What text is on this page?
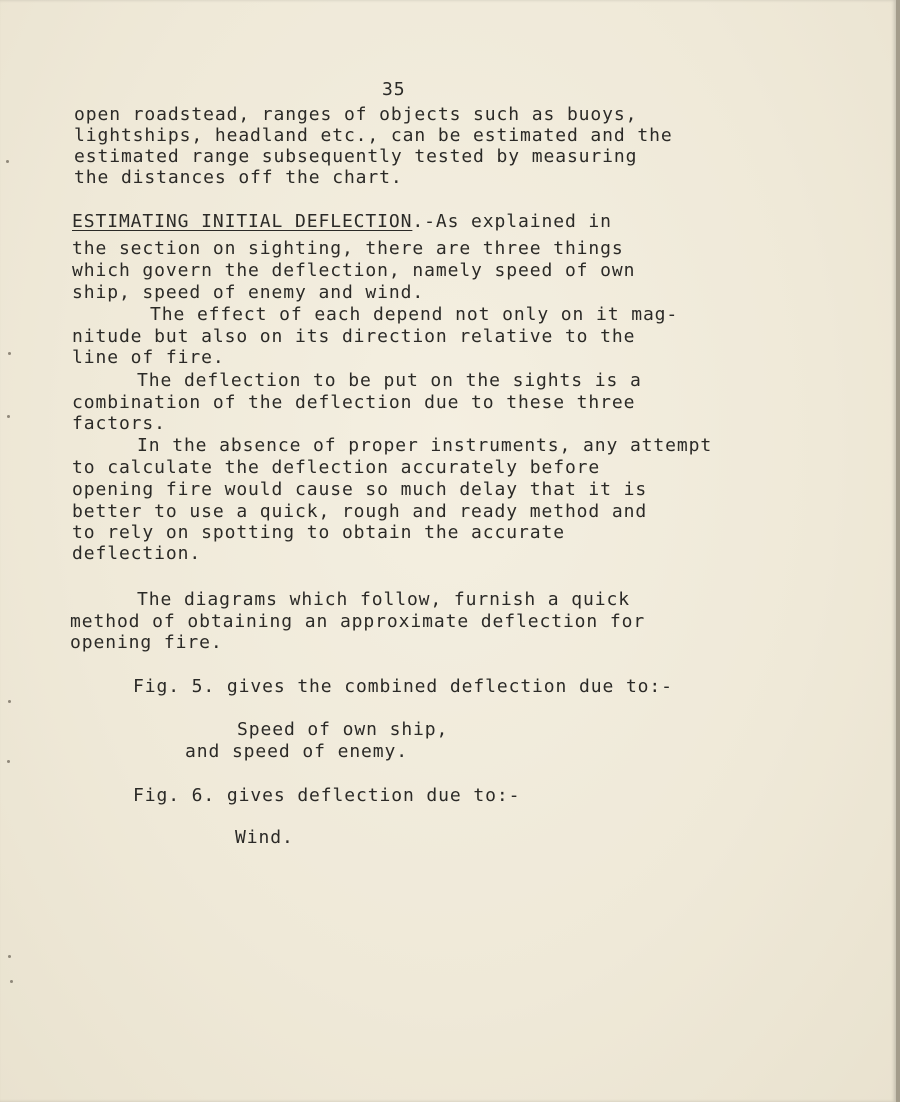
35
open roadstead, ranges of objects such as buoys,
lightships, headland etc., can be estimated and the
estimated range subsequently tested by measuring
the distances off the chart.
ESTIMATING INITIAL DEFLECTION.-As explained in
the section on sighting, there are three things
which govern the deflection, namely speed of own
ship, speed of enemy and wind.
The effect of each depend not only on it mag-
nitude but also on its direction relative to the
line of fire.
The deflection to be put on the sights is a
combination of the deflection due to these three
factors.
In the absence of proper instruments, any attempt
to calculate the deflection accurately before
opening fire would cause so much delay that it is
better to use a quick, rough and ready method and
to rely on spotting to obtain the accurate
deflection.
The diagrams which follow, furnish a quick
method of obtaining an approximate deflection for
opening fire.
Fig. 5. gives the combined deflection due to:-
Speed of own ship,
and speed of enemy.
Fig. 6. gives deflection due to:-
Wind.
